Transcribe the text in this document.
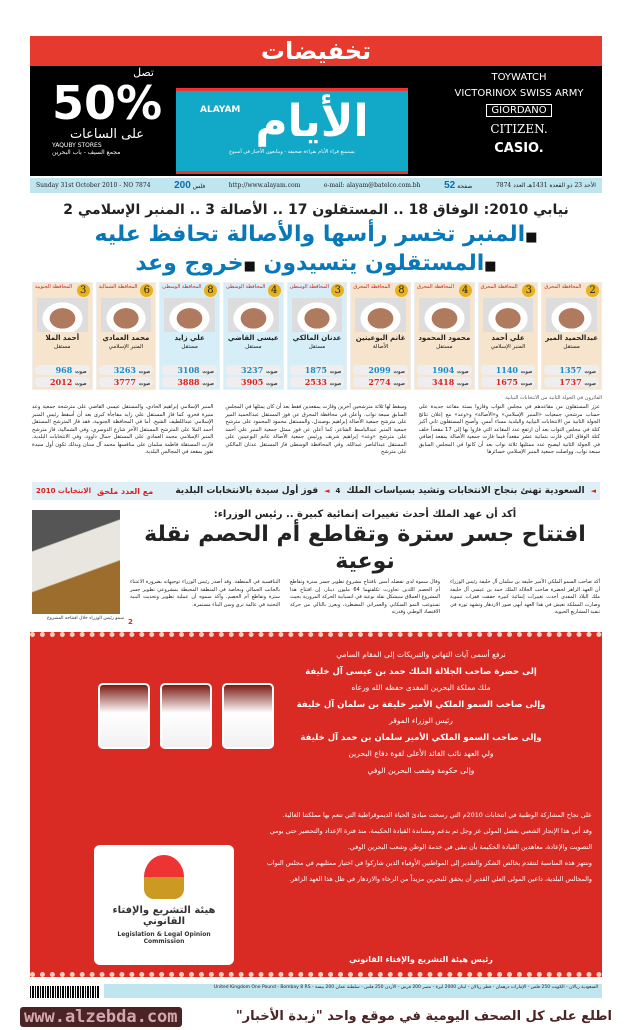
تخفيضات
تصل
50%
على الساعات
YAQUBY STORES
مجمع السيف - باب البحرين
TOYWATCH
VICTORINOX SWISS ARMY
GIORDANO
CITIZEN.
CASIO.
ALAYAM الأيام
يستمتع قراء الأيام بقراءة صحيفة - ويتابعون الأخبار في أسبوع
Sunday 31st October 2010 - NO 7874 200 فلس	http://www.alayam.com	e-mail: alayam@batelco.com.bh 52 صفحة	الأحد 23 ذو القعدة 1431هـ العدد 7874
نيابي 2010: الوفاق 18 .. المستقلون 17 .. الأصالة 3 .. المنبر الإسلامي 2
■المنبر تخسر رأسها والأصالة تحافظ عليه ■المستقلون يتسيدون ■خروج وعد
المحافظة المحرق 2
عبدالحميد المير
مستقل
صوت 1357
صوت 1737
المحافظة المحرق 3
علي أحمد
المنبر الإسلامي
صوت 1140
صوت 1675
المحافظة المحرق 4
محمود المحمود
مستقل
صوت 1904
صوت 3418
المحافظة المحرق 8
غانم البوعينين
الأصالة
صوت 2099
صوت 2774
المحافظة الوسطى 3
عدنان المالكي
مستقل
صوت 1875
صوت 2533
المحافظة الوسطى 4
عيسى القاضي
مستقل
صوت 3237
صوت 3905
المحافظة الوسطى 8
علي زايد
مستقل
صوت 3108
صوت 3888
المحافظة الشمالية 6
محمد العمادي
المنبر الإسلامي
صوت 3263
صوت 3777
المحافظة الجنوبية 3
أحمد الملا
مستقل
صوت 968
صوت 2012
الفائزون في الجولة الثانية من الانتخابات النيابية

عزز المستقلون من مقاعدهم في مجلس النواب وفازوا بستة مقاعد جديدة على حساب مرشحي جمعيات «المنبر الإسلامي» و«الأصالة» و«وعد» مع إعلان نتائج الجولة الثانية من الانتخابات النيابية والبلدية مساء أمس. وأصبح المستقلون ثاني أكبر كتلة في مجلس النواب بعد أن ارتفع عدد المقاعد التي فازوا بها إلى 17 مقعداً خلف كتلة الوفاق التي فازت بثمانية عشر مقعداً فيما فازت جمعية الأصالة بمقعد إضافي في الجولة الثانية ليصبح عدد ممثليها ثلاثة نواب بعد أن كانوا في المجلس السابق سبعة نواب، وواصلت جمعية المنبر الإسلامي خسائرها

وسقط لها ثلاثة مترشحين آخرين وفازت بمقعدين فقط بعد أن كان يمثلها في المجلس السابق سبعة نواب. وأعلن في محافظة المحرق عن فوز المستقل عبدالحميد المير على مترشح جمعية الأصالة إبراهيم بوصندل، والمستقل محمود المحمود على مترشح جمعية المنبر عبدالباسط الشاعر، كما أعلن عن فوز ممثل جمعية المنبر علي أحمد على مترشح «وعد» إبراهيم شريف ورئيس جمعية الأصالة غانم البوعينين على المستقل عبدالناصر عبدالله. وفي المحافظة الوسطى فاز المستقل عدنان المالكي على مترشح

المنبر الإسلامي إبراهيم الحادي، والمستقل عيسى القاضي على مترشحة جمعية وعد منيرة فخرو، كما فاز المستقل علي زايد مفاجأة كبرى بعد أن أسقط رئيس المنبر الإسلامي عبداللطيف الشيخ. أما في المحافظة الجنوبية، فقد فاز المترشح المستقل أحمد الملا على المترشح المستقل الآخر شارع الدوسري، وفي الشمالية، فاز مترشح المنبر الإسلامي محمد العمادي على المستقل جمال داوود، وفي الانتخابات البلدية، فازت المستقلة فاطمة سلمان على منافسها محمد آل سنان وبذلك تكون أول سيدة تفوز بمقعد في المجالس البلدية.

◄
السعودية تهنئ بنجاح الانتخابات وتشيد بسياسات الملك
4
◄
فوز أول سيدة بالانتخابات البلدية
مع العدد ملحق
الانتخابات 2010
سمو رئيس الوزراء خلال افتتاحه المشروع
أكد أن عهد الملك أحدث تغييرات إنمائية كبيرة .. رئيس الوزراء:
افتتاح جسر سترة وتقاطع أم الحصم نقلة نوعية

أكد صاحب السمو الملكي الأمير خليفة بن سلمان آل خليفة رئيس الوزراء أن العهد الزاهر لحضرة صاحب الجلالة الملك حمد بن عيسى آل خليفة ملك البلاد المفدى أحدث تغييرات إنمائية كبيرة حققت قفزات تنموية وصارت المملكة تعيش في هذا العهد أبهى صور الازدهار وتشهد ثورة في تنفيذ المشاريع الحيوية.

وقال سموه لدى تفضله أمس بافتتاح مشروع تطوير جسر سترة وتقاطع أم الحصم اللذين تجاوزت تكلفتهما 64 مليون دينار، إن افتتاح هذا المشروع العملاق سيشكل نقلة نوعية في انسيابية الحركة المرورية بحيث تستوعب النمو السكاني والعمراني المضطرد، ويعزز بالتالي من حركة الاقتصاد الوطني وقدرته

التنافسية في المنطقة. وقد أصدر رئيس الوزراء توجيهاته بضرورة الاعتناء بالجانب الجمالي وبخاصة في المنطقة المحيطة بمشروعي تطوير جسر سترة وتقاطع أم الحصم، وأكد سموه أن عملية تطوير وتحديث البنية التحتية في عالمة تري وسن البناء مستمرة.

2
نرفع أسمى آيات التهاني والتبريكات إلى المقام السامي
إلى حضرة صاحب الجلالة الملك حمد بن عيسى آل خليفة
ملك مملكة البحرين المفدى حفظه الله ورعاه
وإلى صاحب السمو الملكي الأمير خليفة بن سلمان آل خليفة
رئيس الوزراء الموقر
وإلى صاحب السمو الملكي الأمير سلمان بن حمد آل خليفة
ولي العهد نائب القائد الأعلى لقوة دفاع البحرين
وإلى حكومة وشعب البحرين الوفي

على نجاح المشاركة الوطنية في انتخابات 2010م التي رسخت مبادئ الحياة الديموقراطية التي تنعم بها مملكتنا الغالية.

وقد أتى هذا الإنجاز الشعبي بفضل المولى عز وجل ثم بدعم ومساندة القيادة الحكيمة، منذ فترة الإعداد والتحضير حتى يومي التصويت والإعادة، معاهدين القيادة الحكيمة بأن نبقى في خدمة الوطن وشعب البحرين الوفي.

وننتهز هذه المناسبة لنتقدم بخالص الشكر والتقدير إلى المواطنين الأوفياء الذين شاركوا في اختيار ممثليهم في مجلس النواب والمجالس البلدية، داعين المولى العلي القدير أن يحقق للبحرين مزيداً من الرخاء والازدهار في ظل هذا العهد الزاهر.

رئيس هيئة التشريع والإفتاء القانوني
هيئة التشريع والإفتاء القانوني
Legislation & Legal Opinion Commission
السعودية ريالان - الكويت 250 فلس - الإمارات درهمان - قطر ريالان - لبنان 2000 ليرة - مصر 200 قرش - الأردن 250 فلس - سلطنة عمان 200 بيسة - United Kingdom One Pound - Bombay 8 RS
www.alzebda.com	اطلع على كل الصحف اليومية في موقع واحد "زبدة الأخبار"
